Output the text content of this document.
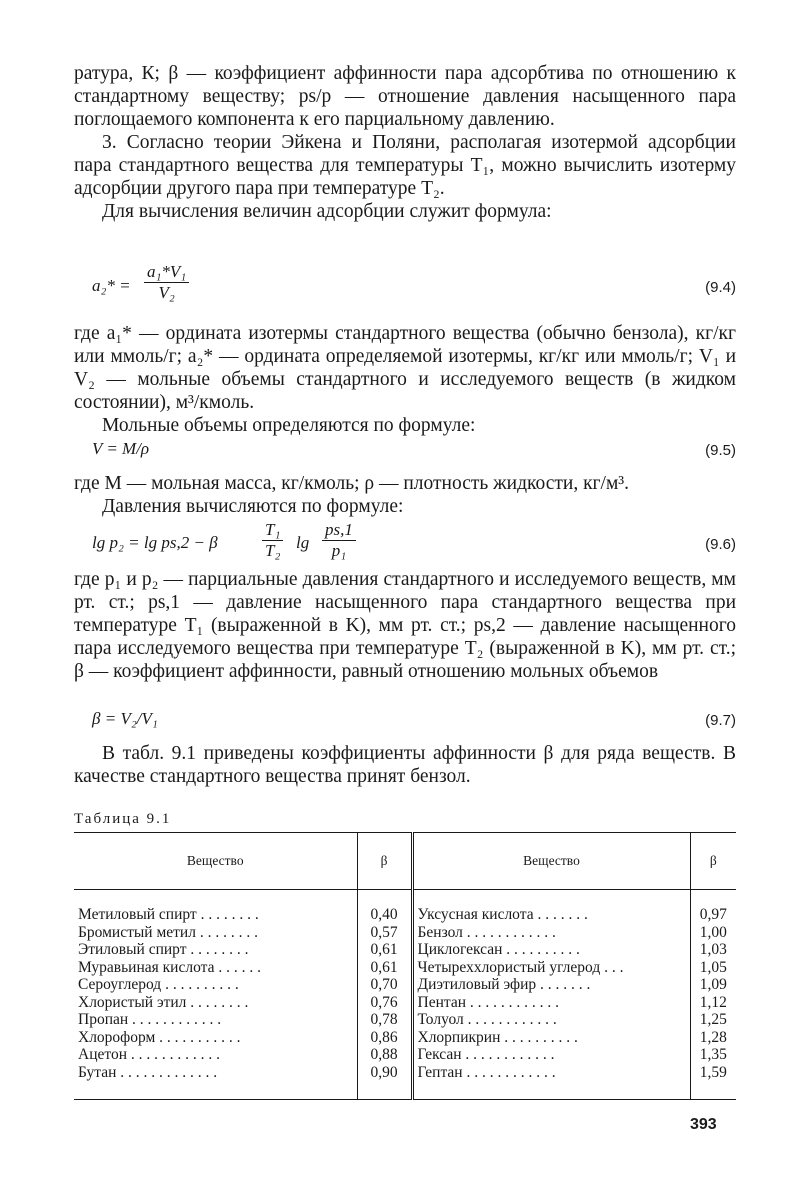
ратура, К; β — коэффициент аффинности пара адсорбтива по отношению к стандартному веществу; ps/p — отношение давления насыщенного пара поглощаемого компонента к его парциальному давлению.

3. Согласно теории Эйкена и Поляни, располагая изотермой адсорбции пара стандартного вещества для температуры T₁, можно вычислить изотерму адсорбции другого пара при температуре T₂.

Для вычисления величин адсорбции служит формула:

$a_2* = \frac{\text{a₁*V₁}}{\text{V₂}}$	(9.4)

где a₁* — ордината изотермы стандартного вещества (обычно бензола), кг/кг или ммоль/г; a₂* — ордината определяемой изотермы, кг/кг или ммоль/г; V₁ и V₂ — мольные объемы стандартного и исследуемого веществ (в жидком состоянии), м³/кмоль.

Мольные объемы определяются по формуле:

V = M/ρ	(9.5)

где M — мольная масса, кг/кмоль; ρ — плотность жидкости, кг/м³.

Давления вычисляются по формуле:

lg p₂ = lg ps,2 − β	$\frac{\text{T₁}}{\text{T₂}}$ $\lg \frac{ps,1}{\text{p₁}}$	(9.6)

где p₁ и p₂ — парциальные давления стандартного и исследуемого веществ, мм рт. ст.; ps,1 — давление насыщенного пара стандартного вещества при температуре T₁ (выраженной в K), мм рт. ст.; ps,2 — давление насыщенного пара исследуемого вещества при температуре T₂ (выраженной в K), мм рт. ст.; β — коэффициент аффинности, равный отношению мольных объемов

β = V₂/V₁	(9.7)

В табл. 9.1 приведены коэффициенты аффинности β для ряда веществ. В качестве стандартного вещества принят бензол.

Таблица 9.1
Вещество	β	Вещество	β
Метиловый спирт . . . . . . . .	0,40	Уксусная кислота . . . . . . .	0,97
Бромистый метил . . . . . . . .	0,57	Бензол . . . . . . . . . . . .	1,00
Этиловый спирт . . . . . . . .	0,61	Циклогексан . . . . . . . . . .	1,03
Муравьиная кислота . . . . . .	0,61	Четыреххлористый углерод . . .	1,05
Сероуглерод . . . . . . . . . .	0,70	Диэтиловый эфир . . . . . . .	1,09
Хлористый этил . . . . . . . .	0,76	Пентан . . . . . . . . . . . .	1,12
Пропан . . . . . . . . . . . .	0,78	Толуол . . . . . . . . . . . .	1,25
Хлороформ . . . . . . . . . . .	0,86	Хлорпикрин . . . . . . . . . .	1,28
Ацетон . . . . . . . . . . . .	0,88	Гексан . . . . . . . . . . . .	1,35
Бутан . . . . . . . . . . . . .	0,90	Гептан . . . . . . . . . . . .	1,59
393
